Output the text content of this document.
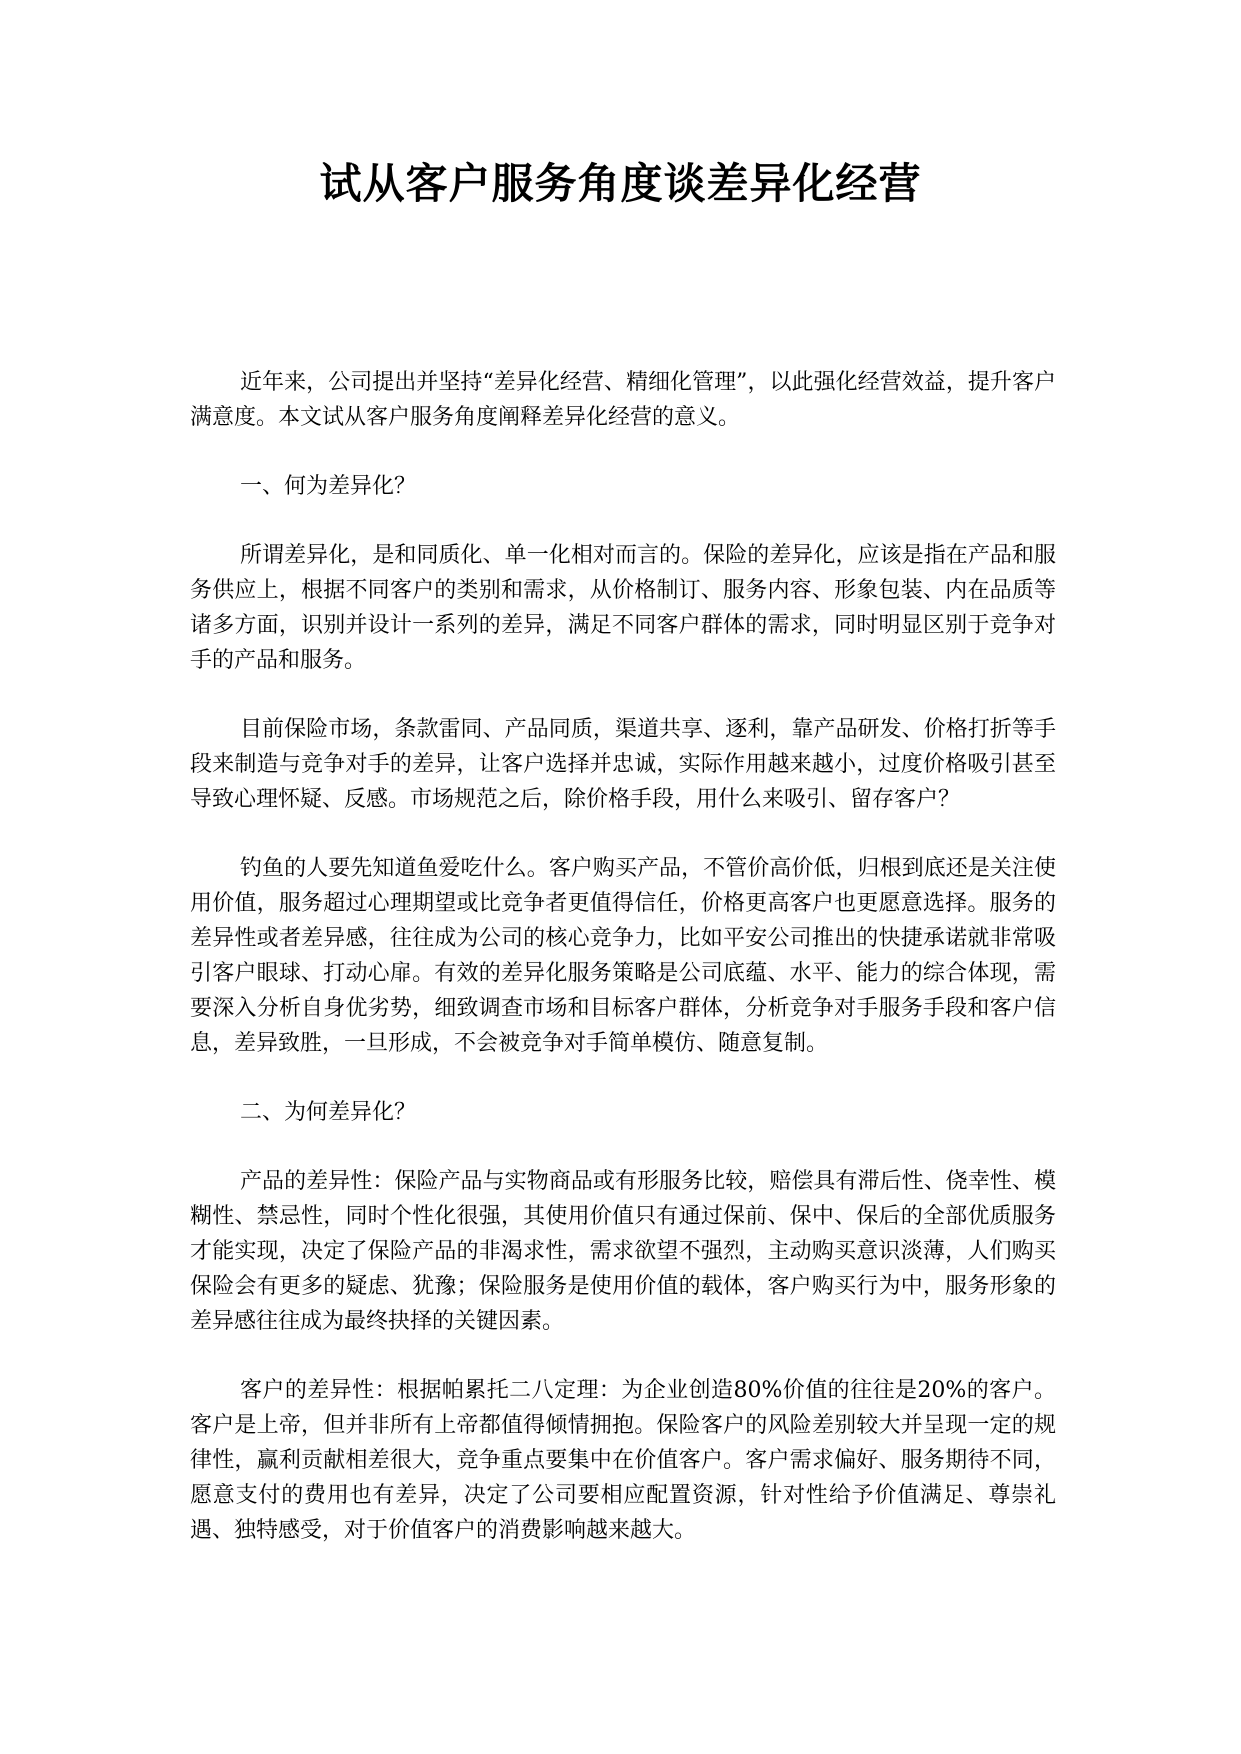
试从客户服务角度谈差异化经营

近年来，公司提出并坚持“差异化经营、精细化管理”，以此强化经营效益，提升客户满意度。本文试从客户服务角度阐释差异化经营的意义。

一、何为差异化？

所谓差异化，是和同质化、单一化相对而言的。保险的差异化，应该是指在产品和服务供应上，根据不同客户的类别和需求，从价格制订、服务内容、形象包装、内在品质等诸多方面，识别并设计一系列的差异，满足不同客户群体的需求，同时明显区别于竞争对手的产品和服务。

目前保险市场，条款雷同、产品同质，渠道共享、逐利，靠产品研发、价格打折等手段来制造与竞争对手的差异，让客户选择并忠诚，实际作用越来越小，过度价格吸引甚至导致心理怀疑、反感。市场规范之后，除价格手段，用什么来吸引、留存客户？

钓鱼的人要先知道鱼爱吃什么。客户购买产品，不管价高价低，归根到底还是关注使用价值，服务超过心理期望或比竞争者更值得信任，价格更高客户也更愿意选择。服务的差异性或者差异感，往往成为公司的核心竞争力，比如平安公司推出的快捷承诺就非常吸引客户眼球、打动心扉。有效的差异化服务策略是公司底蕴、水平、能力的综合体现，需要深入分析自身优劣势，细致调查市场和目标客户群体，分析竞争对手服务手段和客户信息，差异致胜，一旦形成，不会被竞争对手简单模仿、随意复制。

二、为何差异化？

产品的差异性：保险产品与实物商品或有形服务比较，赔偿具有滞后性、侥幸性、模糊性、禁忌性，同时个性化很强，其使用价值只有通过保前、保中、保后的全部优质服务才能实现，决定了保险产品的非渴求性，需求欲望不强烈，主动购买意识淡薄，人们购买保险会有更多的疑虑、犹豫；保险服务是使用价值的载体，客户购买行为中，服务形象的差异感往往成为最终抉择的关键因素。

客户的差异性：根据帕累托二八定理：为企业创造80%价值的往往是20%的客户。客户是上帝，但并非所有上帝都值得倾情拥抱。保险客户的风险差别较大并呈现一定的规律性，赢利贡献相差很大，竞争重点要集中在价值客户。客户需求偏好、服务期待不同，愿意支付的费用也有差异，决定了公司要相应配置资源，针对性给予价值满足、尊崇礼遇、独特感受，对于价值客户的消费影响越来越大。
